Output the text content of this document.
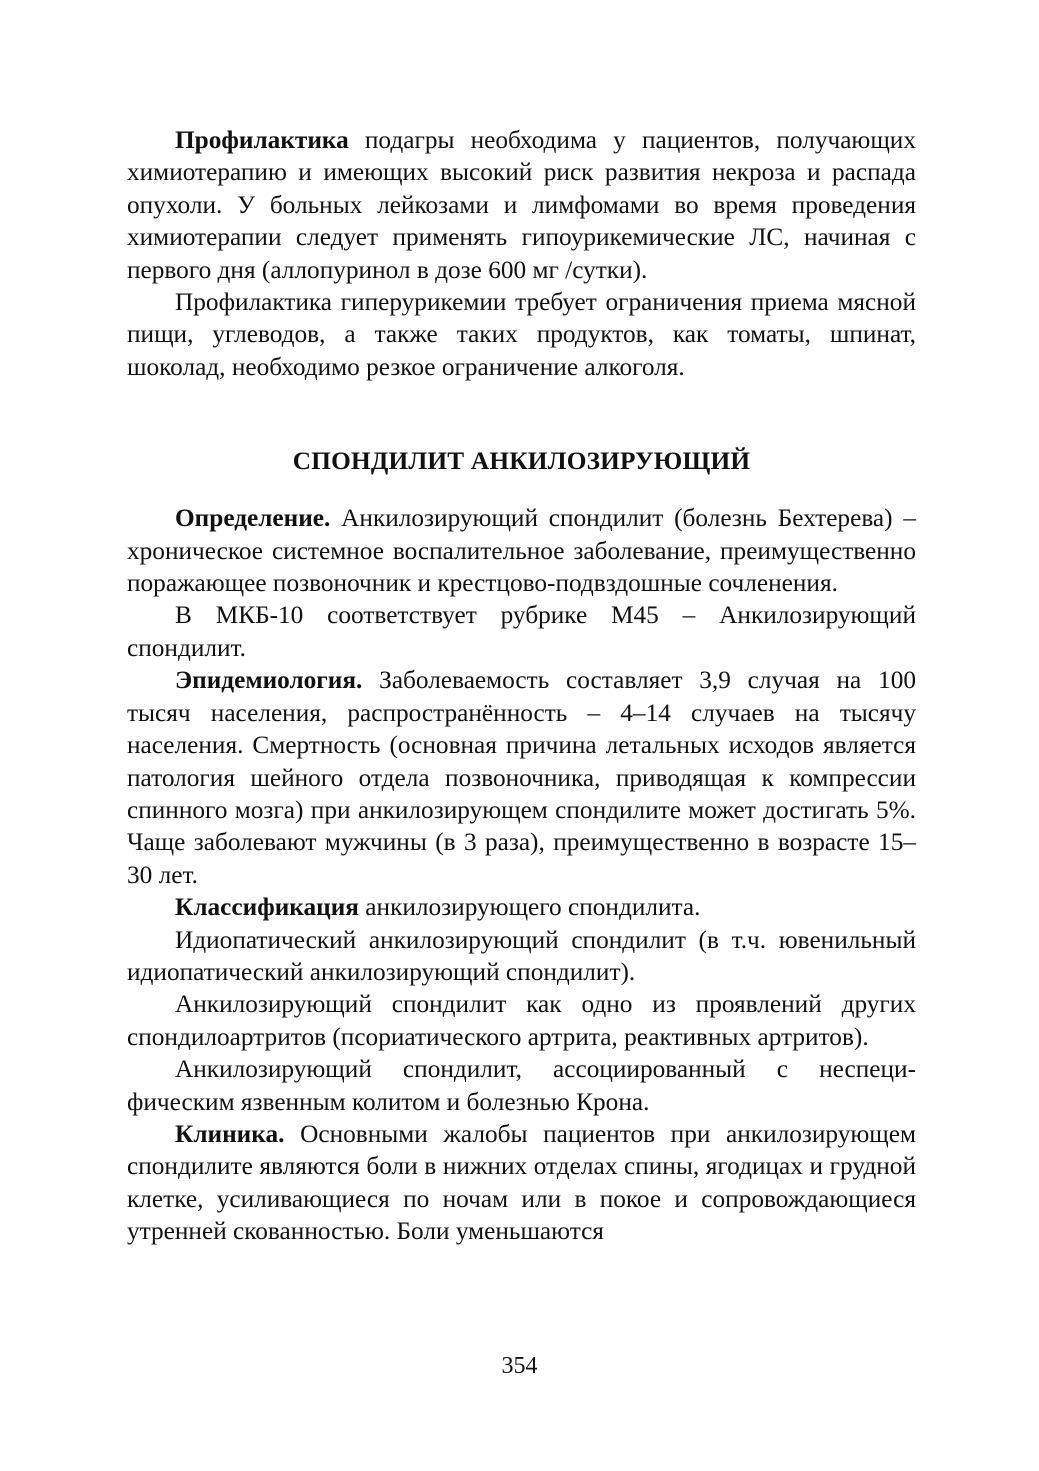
Профилактика подагры необходима у пациентов, получающих химиотерапию и имеющих высокий риск развития некроза и распада опухоли. У больных лейкозами и лимфомами во время проведения химиотерапии следует применять гипоурикемические ЛС, начиная с первого дня (аллопуринол в дозе 600 мг /сутки).

Профилактика гиперурикемии требует ограничения приема мясной пищи, углеводов, а также таких продуктов, как томаты, шпинат, шоколад, необходимо резкое ограничение алкоголя.

СПОНДИЛИТ АНКИЛОЗИРУЮЩИЙ

Определение. Анкилозирующий спондилит (болезнь Бехтерева) – хроническое системное воспалительное заболевание, преимущественно поражающее позвоночник и крестцово-подвздошные сочленения.

В МКБ-10 соответствует рубрике М45 – Анкилозирующий спондилит.

Эпидемиология. Заболеваемость составляет 3,9 случая на 100 тысяч населения, распространённость – 4–14 случаев на тысячу населения. Смертность (основная причина летальных исходов является патология шейного отдела позвоночника, приводящая к компрессии спинного мозга) при анкилозирующем спондилите может достигать 5%. Чаще заболевают мужчины (в 3 раза), преимущественно в возрасте 15–30 лет.

Классификация анкилозирующего спондилита.

Идиопатический анкилозирующий спондилит (в т.ч. ювенильный идиопатический анкилозирующий спондилит).

Анкилозирующий спондилит как одно из проявлений других спондилоартритов (псориатического артрита, реактивных артритов).

Анкилозирующий спондилит, ассоциированный с неспецифическим язвенным колитом и болезнью Крона.

Клиника. Основными жалобы пациентов при анкилозирующем спондилите являются боли в нижних отделах спины, ягодицах и грудной клетке, усиливающиеся по ночам или в покое и сопровождающиеся утренней скованностью. Боли уменьшаются

354
